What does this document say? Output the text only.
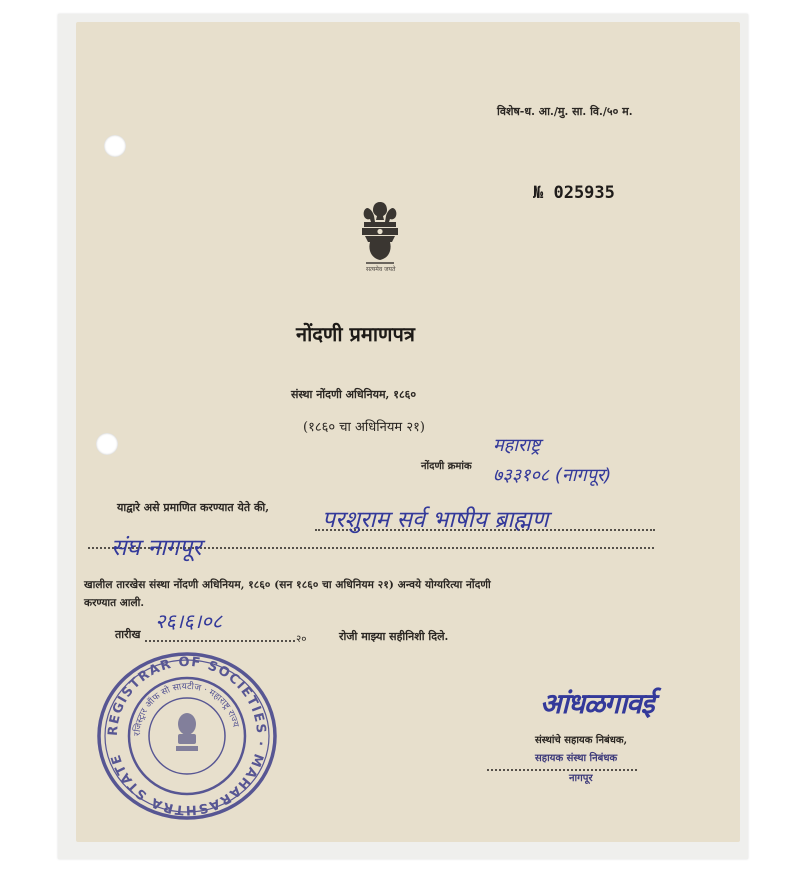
विशेष-ध. आ./मु. सा. वि./५० म.
№ 025935
सत्यमेव जयते
नोंदणी प्रमाणपत्र
संस्था नोंदणी अधिनियम, १८६०
(१८६० चा अधिनियम २१)
नोंदणी क्रमांक
महाराष्ट्र
७३३१०८ (नागपूर)
याद्वारे असे प्रमाणित करण्यात येते की, परशुराम सर्व भाषीय ब्राह्मण
संघ नागपूर
खालील तारखेस संस्था नोंदणी अधिनियम, १८६० (सन १८६० चा अधिनियम २१) अन्वये योग्यरित्या नोंदणी
करण्यात आली.
तारीख
२६।६।०८
२०	रोजी माझ्या सहीनिशी दिले.
REGISTRAR OF SOCIETIES · MAHARASHTRA STATE
रजिस्ट्रार ऑफ सो सायटीज · महाराष्ट्र राज्य
आंधळगावई
संस्थांचे सहायक निबंधक,
सहायक संस्था निबंधक
नागपूर
